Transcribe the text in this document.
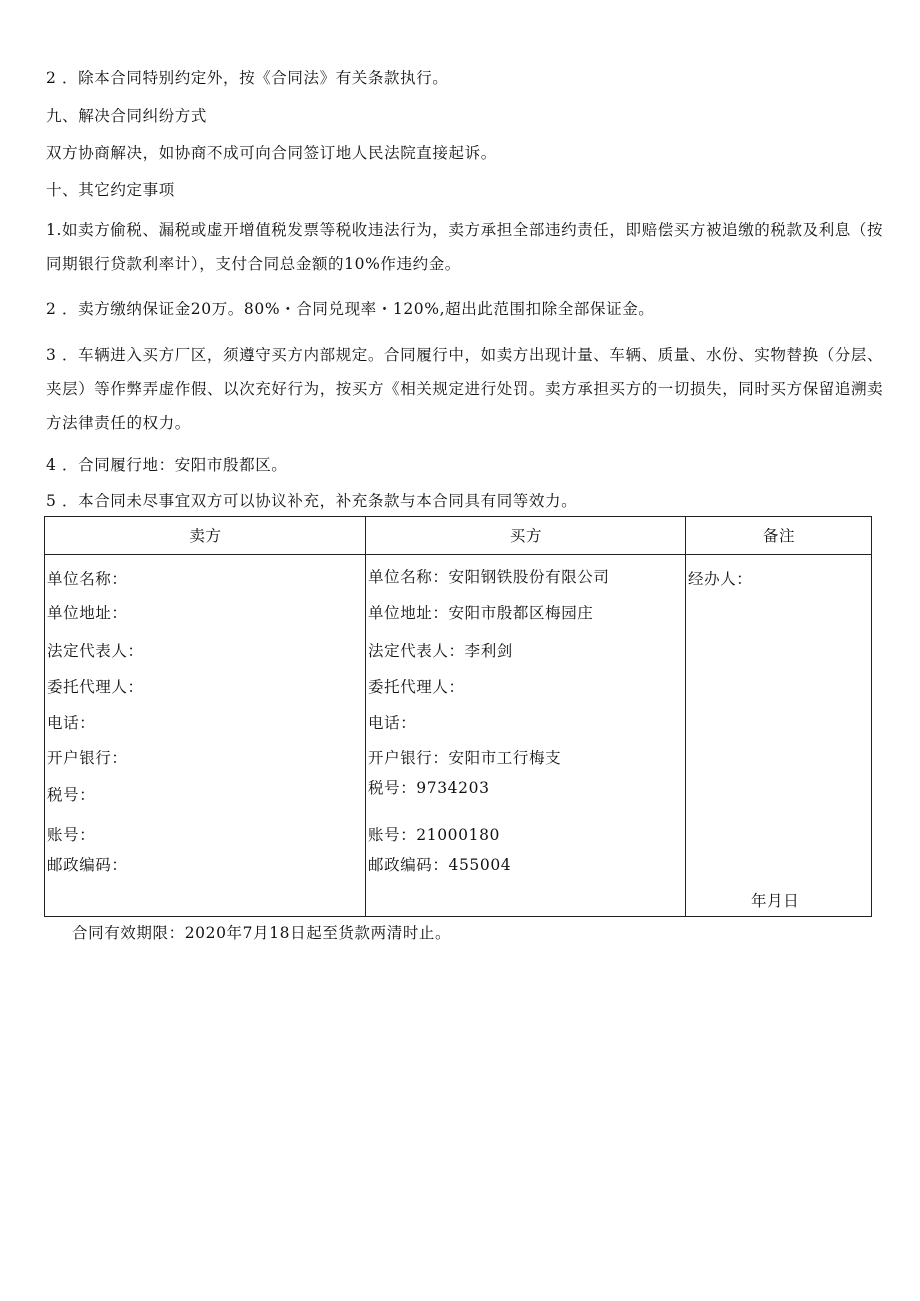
2 ．除本合同特别约定外，按《合同法》有关条款执行。
九、解决合同纠纷方式
双方协商解决，如协商不成可向合同签订地人民法院直接起诉。
十、其它约定事项
1.如卖方偷税、漏税或虚开增值税发票等税收违法行为，卖方承担全部违约责任，即赔偿买方被追缴的税款及利息（按同期银行贷款利率计），支付合同总金额的10%作违约金。
2 ．卖方缴纳保证金20万。80%・合同兑现率・120%,超出此范围扣除全部保证金。
3 ．车辆进入买方厂区，须遵守买方内部规定。合同履行中，如卖方出现计量、车辆、质量、水份、实物替换（分层、夹层）等作弊弄虚作假、以次充好行为，按买方《相关规定进行处罚。卖方承担买方的一切损失，同时买方保留追溯卖方法律责任的权力。
4 ．合同履行地：安阳市殷都区。
5 ．本合同未尽事宜双方可以协议补充，补充条款与本合同具有同等效力。
卖方	买方	备注
单位名称：
单位地址：
法定代表人：
委托代理人：
电话：
开户银行：
税号：
账号：
邮政编码：
单位名称：安阳钢铁股份有限公司
单位地址：安阳市殷都区梅园庄
法定代表人：李利剑
委托代理人：
电话：
开户银行：安阳市工行梅支
税号：9734203
账号：21000180
邮政编码：455004
经办人：
年月日
合同有效期限：2020年7月18日起至货款两清时止。
